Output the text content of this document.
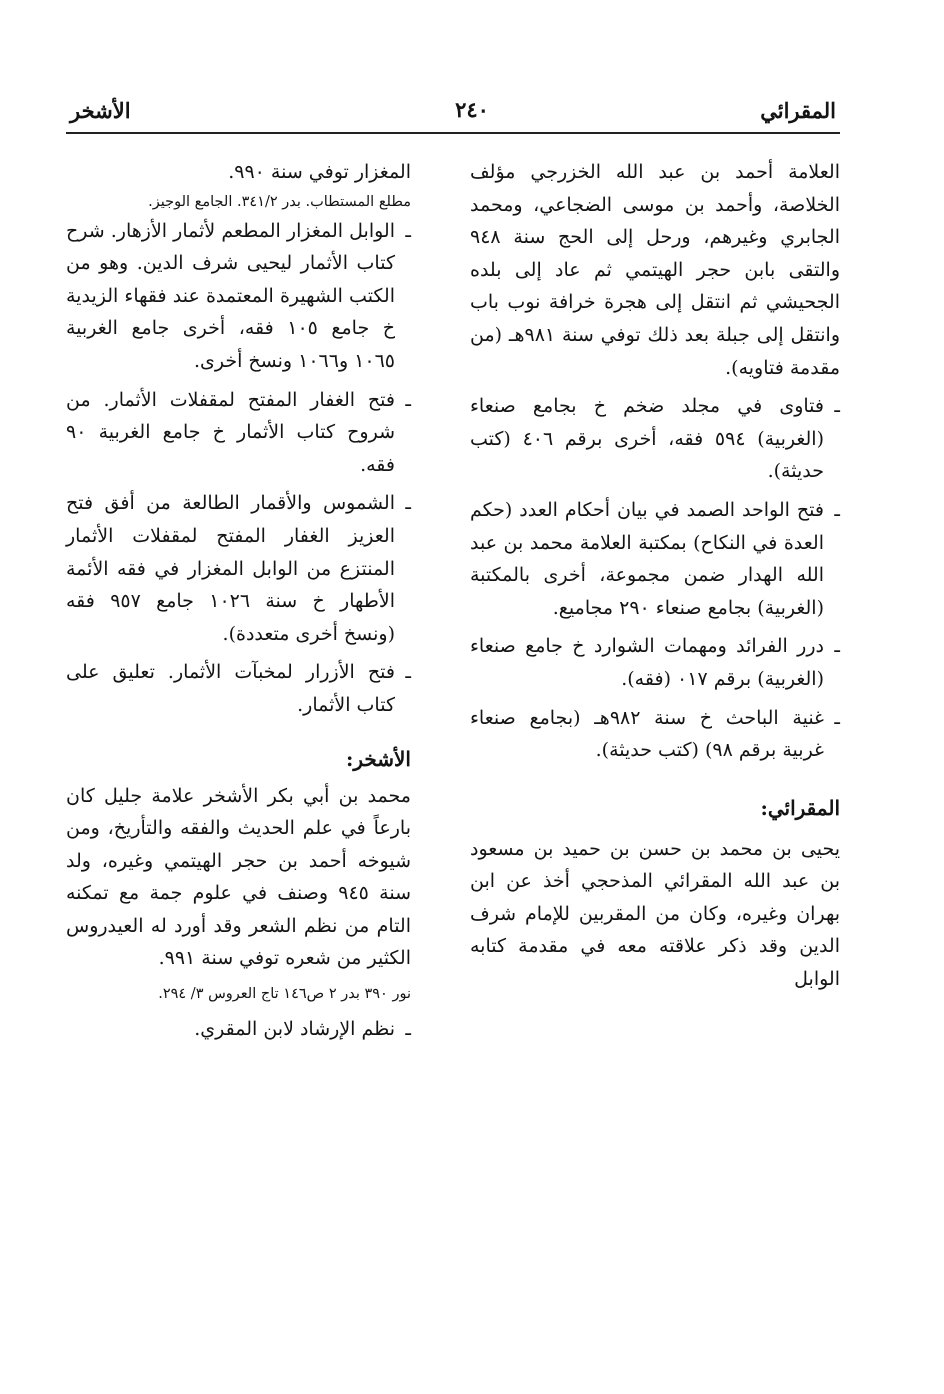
المقرائي
٢٤٠
الأشخر

العلامة أحمد بن عبد الله الخزرجي مؤلف الخلاصة، وأحمد بن موسى الضجاعي، ومحمد الجابري وغيرهم، ورحل إلى الحج سنة ٩٤٨ والتقى بابن حجر الهيتمي ثم عاد إلى بلده الجحيشي ثم انتقل إلى هجرة خرافة نوب باب وانتقل إلى جبلة بعد ذلك توفي سنة ٩٨١هـ (من مقدمة فتاويه).

ـ فتاوى في مجلد ضخم خ بجامع صنعاء (الغربية) ٥٩٤ فقه، أخرى برقم ٤٠٦ (كتب حديثة).

ـ فتح الواحد الصمد في بيان أحكام العدد (حكم العدة في النكاح) بمكتبة العلامة محمد بن عبد الله الهدار ضمن مجموعة، أخرى بالمكتبة (الغربية) بجامع صنعاء ٢٩٠ مجاميع.

ـ درر الفرائد ومهمات الشوارد خ جامع صنعاء (الغربية) برقم ٠١٧ (فقه).

ـ غنية الباحث خ سنة ٩٨٢هـ (بجامع صنعاء غربية برقم ٩٨) (كتب حديثة).

المقرائي:

يحيى بن محمد بن حسن بن حميد بن مسعود بن عبد الله المقرائي المذحجي أخذ عن ابن بهران وغيره، وكان من المقربين للإمام شرف الدين وقد ذكر علاقته معه في مقدمة كتابه الوابل

المغزار توفي سنة ٩٩٠.

مطلع المستطاب. بدر ٣٤١/٢. الجامع الوجيز.

ـ الوابل المغزار المطعم لأثمار الأزهار. شرح كتاب الأثمار ليحيى شرف الدين. وهو من الكتب الشهيرة المعتمدة عند فقهاء الزيدية خ جامع ١٠٥ فقه، أخرى جامع الغربية ١٠٦٥ و١٠٦٦ ونسخ أخرى.

ـ فتح الغفار المفتح لمقفلات الأثمار. من شروح كتاب الأثمار خ جامع الغربية ٩٠ فقه.

ـ الشموس والأقمار الطالعة من أفق فتح العزيز الغفار المفتح لمقفلات الأثمار المنتزع من الوابل المغزار في فقه الأئمة الأطهار خ سنة ١٠٢٦ جامع ٩٥٧ فقه (ونسخ أخرى متعددة).

ـ فتح الأزرار لمخبآت الأثمار. تعليق على كتاب الأثمار.

الأشخر:

محمد بن أبي بكر الأشخر علامة جليل كان بارعاً في علم الحديث والفقه والتأريخ، ومن شيوخه أحمد بن حجر الهيتمي وغيره، ولد سنة ٩٤٥ وصنف في علوم جمة مع تمكنه التام من نظم الشعر وقد أورد له العيدروس الكثير من شعره توفي سنة ٩٩١.

نور ٣٩٠ بدر ٢ ص١٤٦ تاج العروس ٣/ ٢٩٤.

ـ نظم الإرشاد لابن المقري.
